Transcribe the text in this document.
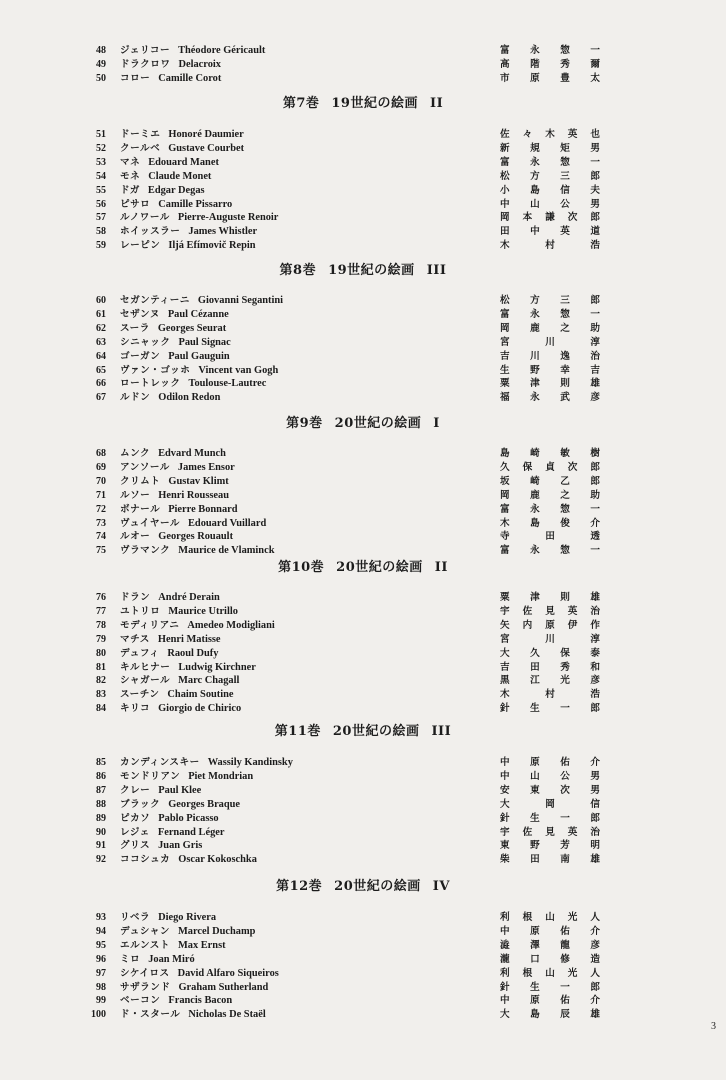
48 ジェリコー Théodore Géricault	富 永 惣 一
49 ドラクロワ Delacroix	高 階 秀 爾
50 コロー Camille Corot	市 原 豊 太
第7巻 19世紀の絵画 II
51 ドーミエ Honoré Daumier	佐 々 木 英 也
52 クールベ Gustave Courbet	新 規 矩 男
53 マネ Edouard Manet	富 永 惣 一
54 モネ Claude Monet	松 方 三 郎
55 ドガ Edgar Degas	小 島 信 夫
56 ピサロ Camille Pissarro	中 山 公 男
57 ルノワール Pierre-Auguste Renoir	岡 本 謙 次 郎
58 ホイッスラー James Whistler	田 中 英 道
59 レーピン Iljá Efímovič Repin	木	村	浩
第8巻 19世紀の絵画 III
60 セガンティーニ Giovanni Segantini	松 方 三 郎
61 セザンヌ Paul Cézanne	富 永 惣 一
62 スーラ Georges Seurat	岡 鹿 之 助
63 シニャック Paul Signac	宮	川	淳
64 ゴーガン Paul Gauguin	吉 川 逸 治
65 ヴァン・ゴッホ Vincent van Gogh	生 野 幸 吉
66 ロートレック Toulouse-Lautrec	粟 津 則 雄
67 ルドン Odilon Redon	福 永 武 彦
第9巻 20世紀の絵画 I
68 ムンク Edvard Munch	島 崎 敏 樹
69 アンソール James Ensor	久 保 貞 次 郎
70 クリムト Gustav Klimt	坂 崎 乙 郎
71 ルソー Henri Rousseau	岡 鹿 之 助
72 ボナール Pierre Bonnard	富 永 惣 一
73 ヴュイヤール Edouard Vuillard	木 島 俊 介
74 ルオー Georges Rouault	寺	田	透
75 ヴラマンク Maurice de Vlaminck	富 永 惣 一
第10巻 20世紀の絵画 II
76 ドラン André Derain	粟 津 則 雄
77 ユトリロ Maurice Utrillo	宇 佐 見 英 治
78 モディリアニ Amedeo Modigliani	矢 内 原 伊 作
79 マチス Henri Matisse	宮	川	淳
80 デュフィ Raoul Dufy	大 久 保 泰
81 キルヒナー Ludwig Kirchner	吉 田 秀 和
82 シャガール Marc Chagall	黒 江 光 彦
83 スーチン Chaim Soutine	木	村	浩
84 キリコ Giorgio de Chirico	針 生 一 郎
第11巻 20世紀の絵画 III
85 カンディンスキー Wassily Kandinsky	中 原 佑 介
86 モンドリアン Piet Mondrian	中 山 公 男
87 クレー Paul Klee	安 東 次 男
88 ブラック Georges Braque	大	岡	信
89 ピカソ Pablo Picasso	針 生 一 郎
90 レジェ Fernand Léger	宇 佐 見 英 治
91 グリス Juan Gris	東 野 芳 明
92 ココシュカ Oscar Kokoschka	柴 田 南 雄
第12巻 20世紀の絵画 IV
93 リベラ Diego Rivera	利 根 山 光 人
94 デュシャン Marcel Duchamp	中 原 佑 介
95 エルンスト Max Ernst	澁 澤 龍 彦
96 ミロ Joan Miró	瀧 口 修 造
97 シケイロス David Alfaro Siqueiros	利 根 山 光 人
98 サザランド Graham Sutherland	針 生 一 郎
99 ベーコン Francis Bacon	中 原 佑 介
100 ド・スタール Nicholas De Staël	大 島 辰 雄
3
